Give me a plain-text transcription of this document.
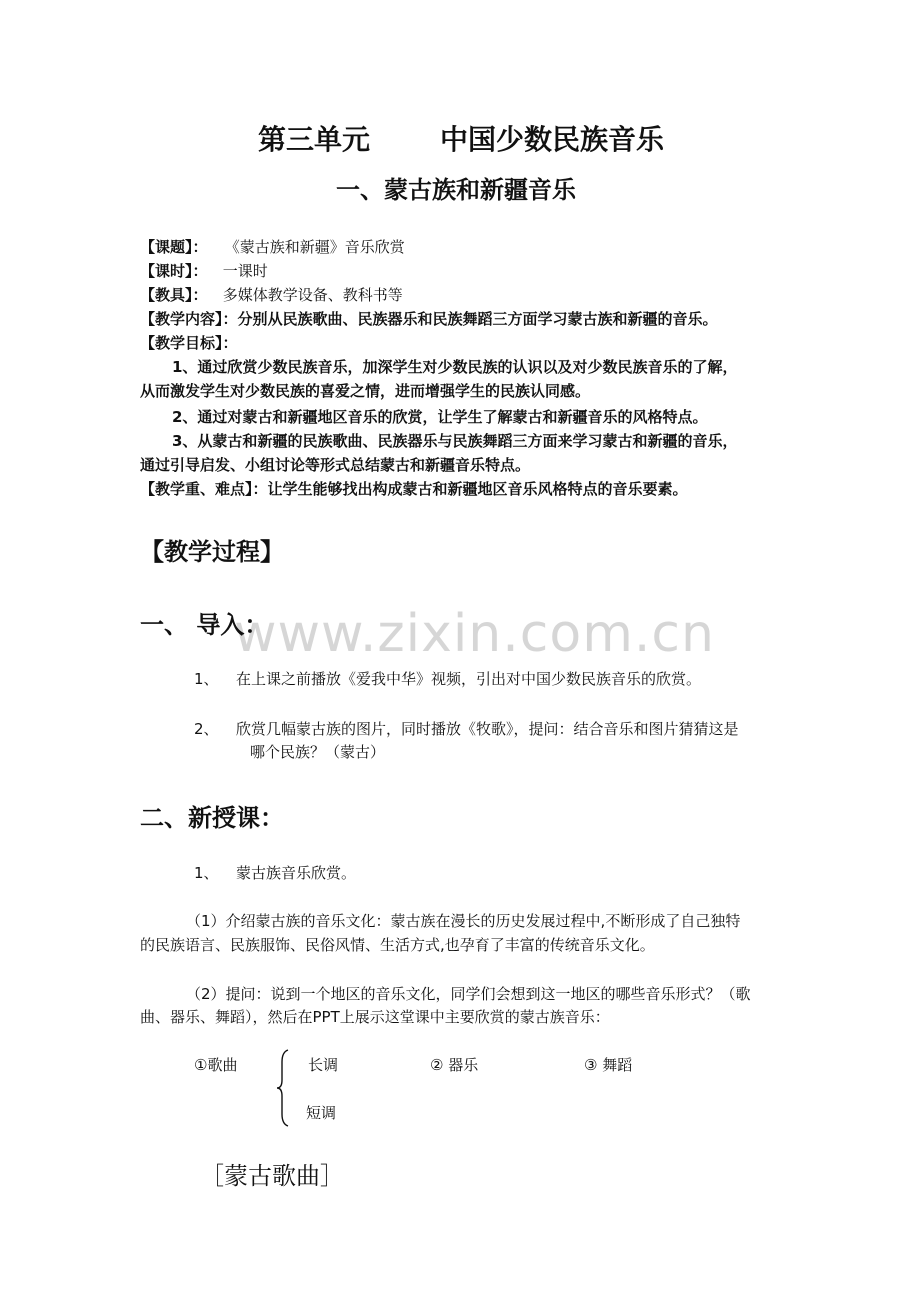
第三单元 中国少数民族音乐
一、蒙古族和新疆音乐
【课题】： 《蒙古族和新疆》音乐欣赏
【课时】： 一课时
【教具】： 多媒体教学设备、教科书等
【教学内容】：分别从民族歌曲、民族器乐和民族舞蹈三方面学习蒙古族和新疆的音乐。
【教学目标】：
1、通过欣赏少数民族音乐，加深学生对少数民族的认识以及对少数民族音乐的了解，
从而激发学生对少数民族的喜爱之情，进而增强学生的民族认同感。
2、通过对蒙古和新疆地区音乐的欣赏，让学生了解蒙古和新疆音乐的风格特点。
3、从蒙古和新疆的民族歌曲、民族器乐与民族舞蹈三方面来学习蒙古和新疆的音乐，
通过引导启发、小组讨论等形式总结蒙古和新疆音乐特点。
【教学重、难点】：让学生能够找出构成蒙古和新疆地区音乐风格特点的音乐要素。
www.zixin.com.cn
【教学过程】
一、 导入：
1、 在上课之前播放《爱我中华》视频，引出对中国少数民族音乐的欣赏。
2、 欣赏几幅蒙古族的图片，同时播放《牧歌》，提问：结合音乐和图片猜猜这是
哪个民族？（蒙古）
二、新授课：
1、 蒙古族音乐欣赏。
（1）介绍蒙古族的音乐文化：蒙古族在漫长的历史发展过程中,不断形成了自己独特
的民族语言、民族服饰、民俗风情、生活方式,也孕育了丰富的传统音乐文化。
（2）提问：说到一个地区的音乐文化，同学们会想到这一地区的哪些音乐形式？（歌
曲、器乐、舞蹈），然后在PPT上展示这堂课中主要欣赏的蒙古族音乐：
①歌曲	长调
短调
② 器乐	③ 舞蹈
［蒙古歌曲］
